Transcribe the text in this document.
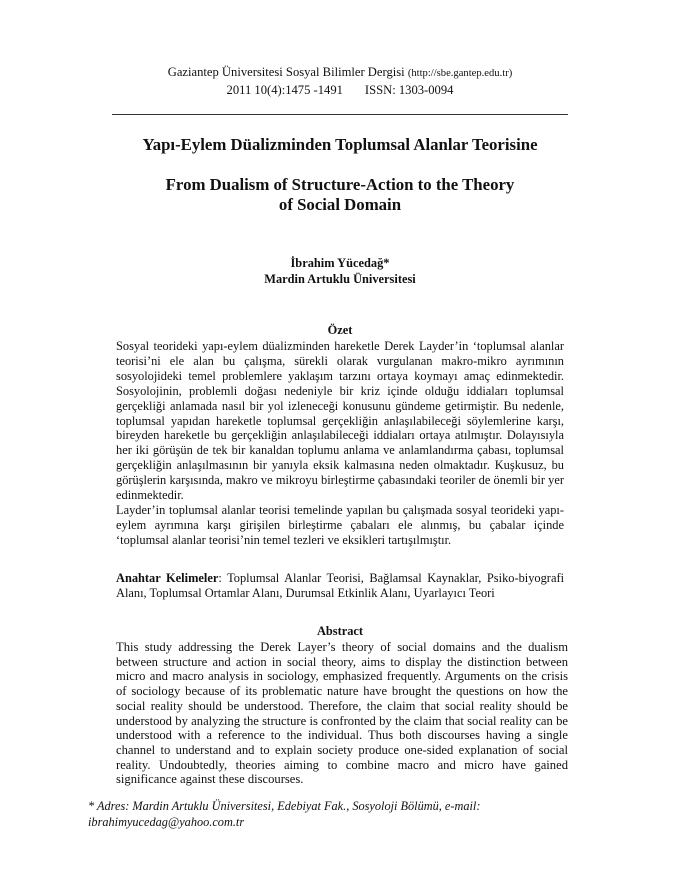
Gaziantep Üniversitesi Sosyal Bilimler Dergisi (http://sbe.gantep.edu.tr)
2011 10(4):1475 -1491 ISSN: 1303-0094
Yapı-Eylem Düalizminden Toplumsal Alanlar Teorisine
From Dualism of Structure-Action to the Theory of Social Domain
İbrahim Yücedağ*
Mardin Artuklu Üniversitesi
Özet

Sosyal teorideki yapı-eylem düalizminden hareketle Derek Layder’in ‘toplumsal alanlar teorisi’ni ele alan bu çalışma, sürekli olarak vurgulanan makro-mikro ayrımının sosyolojideki temel problemlere yaklaşım tarzını ortaya koymayı amaç edinmektedir. Sosyolojinin, problemli doğası nedeniyle bir kriz içinde olduğu iddiaları toplumsal gerçekliği anlamada nasıl bir yol izleneceği konusunu gündeme getirmiştir. Bu nedenle, toplumsal yapıdan hareketle toplumsal gerçekliğin anlaşılabileceği söylemlerine karşı, bireyden hareketle bu gerçekliğin anlaşılabileceği iddiaları ortaya atılmıştır. Dolayısıyla her iki görüşün de tek bir kanaldan toplumu anlama ve anlamlandırma çabası, toplumsal gerçekliğin anlaşılmasının bir yanıyla eksik kalmasına neden olmaktadır. Kuşkusuz, bu görüşlerin karşısında, makro ve mikroyu birleştirme çabasındaki teoriler de önemli bir yer edinmektedir.

Layder’in toplumsal alanlar teorisi temelinde yapılan bu çalışmada sosyal teorideki yapı-eylem ayrımına karşı girişilen birleştirme çabaları ele alınmış, bu çabalar içinde ‘toplumsal alanlar teorisi’nin temel tezleri ve eksikleri tartışılmıştır.

Anahtar Kelimeler: Toplumsal Alanlar Teorisi, Bağlamsal Kaynaklar, Psiko-biyografi Alanı, Toplumsal Ortamlar Alanı, Durumsal Etkinlik Alanı, Uyarlayıcı Teori
Abstract

This study addressing the Derek Layer’s theory of social domains and the dualism between structure and action in social theory, aims to display the distinction between micro and macro analysis in sociology, emphasized frequently. Arguments on the crisis of sociology because of its problematic nature have brought the questions on how the social reality should be understood. Therefore, the claim that social reality should be understood by analyzing the structure is confronted by the claim that social reality can be understood with a reference to the individual. Thus both discourses having a single channel to understand and to explain society produce one-sided explanation of social reality. Undoubtedly, theories aiming to combine macro and micro have gained significance against these discourses.

* Adres: Mardin Artuklu Üniversitesi, Edebiyat Fak., Sosyoloji Bölümü, e-mail: ibrahimyucedag@yahoo.com.tr
